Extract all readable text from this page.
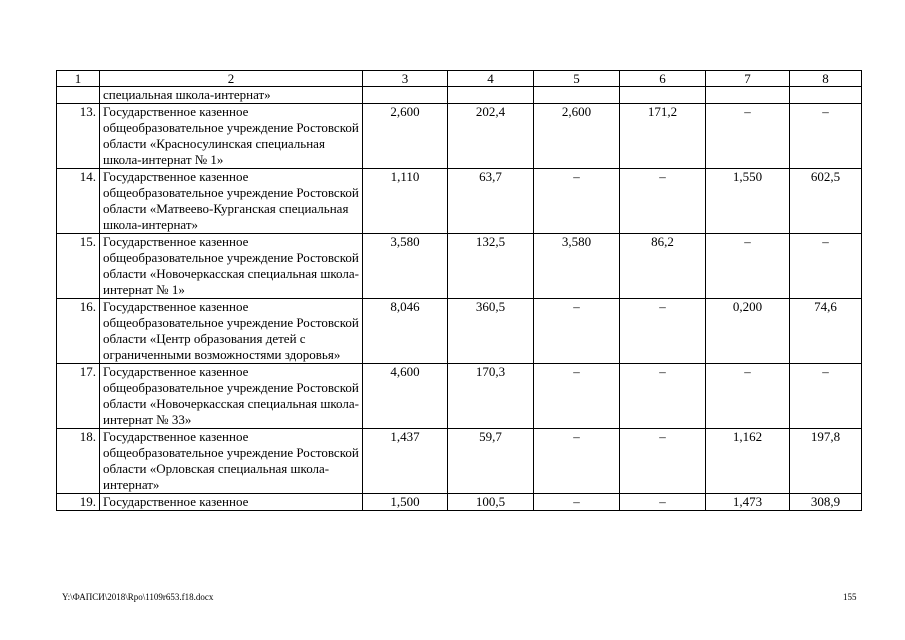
1	2	3	4	5	6	7	8
	специальная школа-интернат»						
13.	Государственное казенное общеобразовательное учреждение Ростовской области «Красносулинская специальная школа-интернат № 1»	2,600	202,4	2,600	171,2	–	–
14.	Государственное казенное общеобразовательное учреждение Ростовской области «Матвеево-Курганская специальная школа-интернат»	1,110	63,7	–	–	1,550	602,5
15.	Государственное казенное общеобразовательное учреждение Ростовской области «Новочеркасская специальная школа-интернат № 1»	3,580	132,5	3,580	86,2	–	–
16.	Государственное казенное общеобразовательное учреждение Ростовской области «Центр образования детей с ограниченными возможностями здоровья»	8,046	360,5	–	–	0,200	74,6
17.	Государственное казенное общеобразовательное учреждение Ростовской области «Новочеркасская специальная школа-интернат № 33»	4,600	170,3	–	–	–	–
18.	Государственное казенное общеобразовательное учреждение Ростовской области «Орловская специальная школа-интернат»	1,437	59,7	–	–	1,162	197,8
19.	Государственное казенное	1,500	100,5	–	–	1,473	308,9
Y:\ФАПСИ\2018\Rpo\1109r653.f18.docx	155
